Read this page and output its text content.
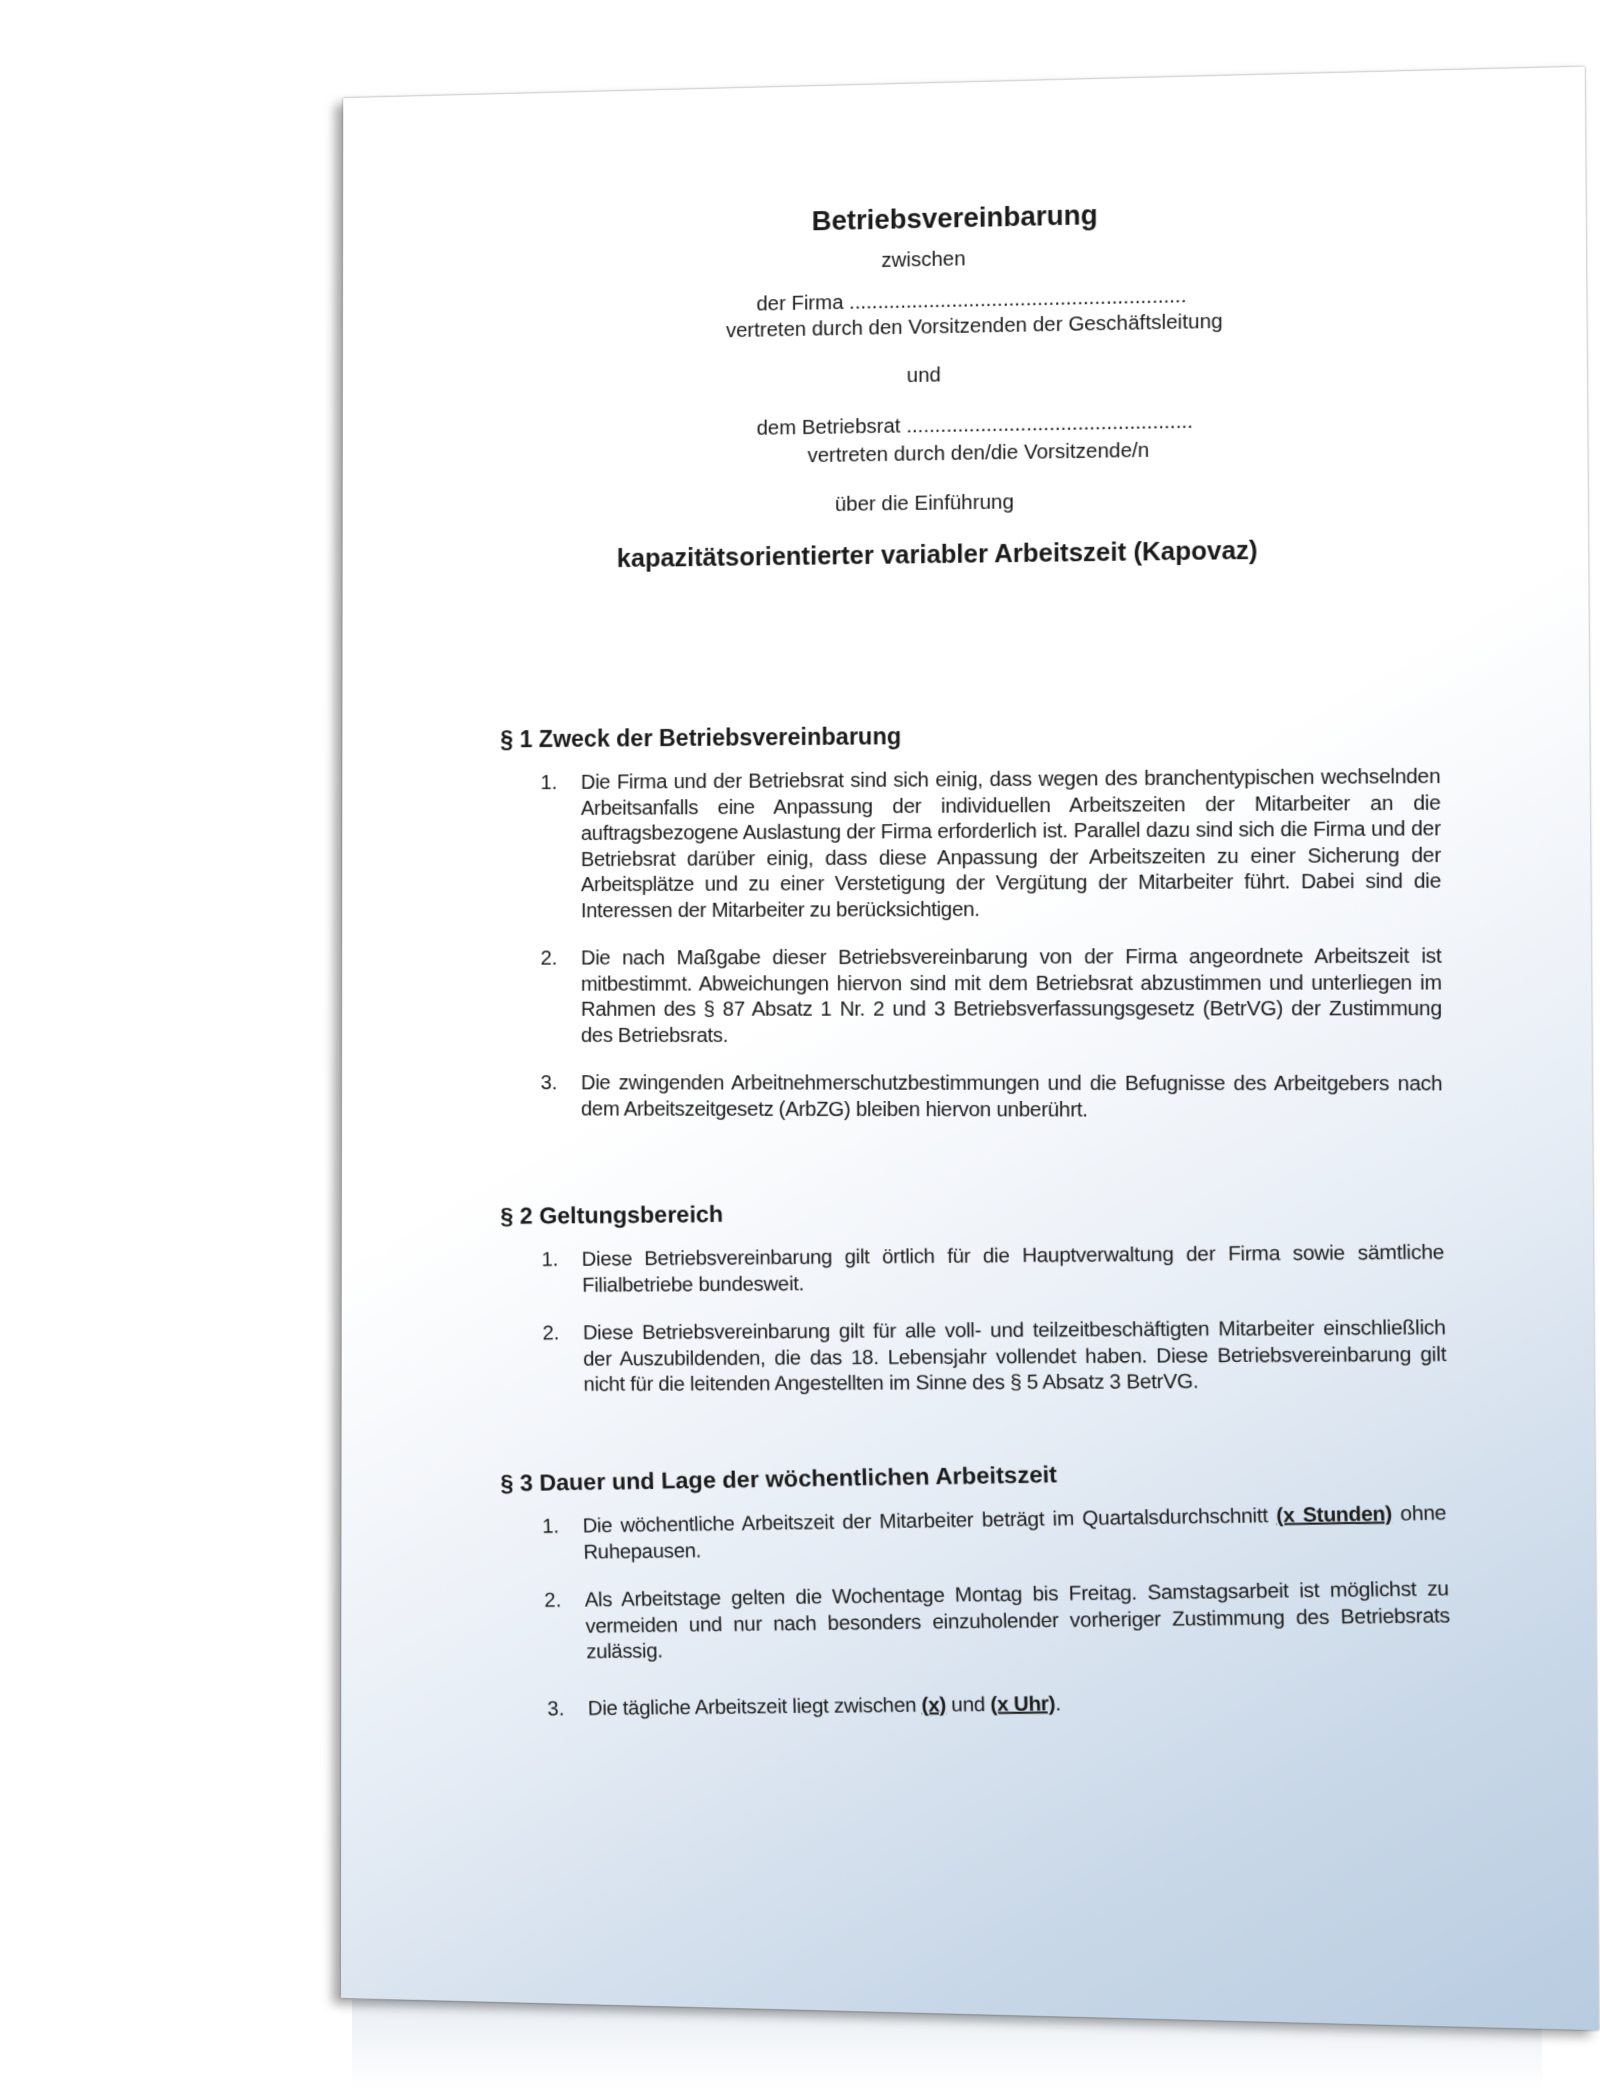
Betriebsvereinbarung
zwischen
der Firma ...........................................................
vertreten durch den Vorsitzenden der Geschäftsleitung
und
dem Betriebsrat ..................................................
vertreten durch den/die Vorsitzende/n
über die Einführung
kapazitätsorientierter variabler Arbeitszeit (Kapovaz)
§ 1 Zweck der Betriebsvereinbarung
1.	Die Firma und der Betriebsrat sind sich einig, dass wegen des branchentypischen wechselnden Arbeitsanfalls eine Anpassung der individuellen Arbeitszeiten der Mitarbeiter an die auftragsbezogene Auslastung der Firma erforderlich ist. Parallel dazu sind sich die Firma und der Betriebsrat darüber einig, dass diese Anpassung der Arbeitszeiten zu einer Sicherung der Arbeitsplätze und zu einer Verstetigung der Vergütung der Mitarbeiter führt. Dabei sind die Interessen der Mitarbeiter zu berücksichtigen.
2.	Die nach Maßgabe dieser Betriebsvereinbarung von der Firma angeordnete Arbeitszeit ist mitbestimmt. Abweichungen hiervon sind mit dem Betriebsrat abzustimmen und unterliegen im Rahmen des § 87 Absatz 1 Nr. 2 und 3 Betriebsverfassungsgesetz (BetrVG) der Zustimmung des Betriebsrats.
3.	Die zwingenden Arbeitnehmerschutzbestimmungen und die Befugnisse des Arbeitgebers nach dem Arbeitszeitgesetz (ArbZG) bleiben hiervon unberührt.
§ 2 Geltungsbereich
1.	Diese Betriebsvereinbarung gilt örtlich für die Hauptverwaltung der Firma sowie sämtliche Filialbetriebe bundesweit.
2.	Diese Betriebsvereinbarung gilt für alle voll- und teilzeitbeschäftigten Mitarbeiter einschließlich der Auszubildenden, die das 18. Lebensjahr vollendet haben. Diese Betriebsvereinbarung gilt nicht für die leitenden Angestellten im Sinne des § 5 Absatz 3 BetrVG.
§ 3 Dauer und Lage der wöchentlichen Arbeitszeit
1.	Die wöchentliche Arbeitszeit der Mitarbeiter beträgt im Quartalsdurchschnitt (x Stunden) ohne Ruhepausen.
2.	Als Arbeitstage gelten die Wochentage Montag bis Freitag. Samstagsarbeit ist möglichst zu vermeiden und nur nach besonders einzuholender vorheriger Zustimmung des Betriebsrats zulässig.
3.	Die tägliche Arbeitszeit liegt zwischen (x) und (x Uhr).
